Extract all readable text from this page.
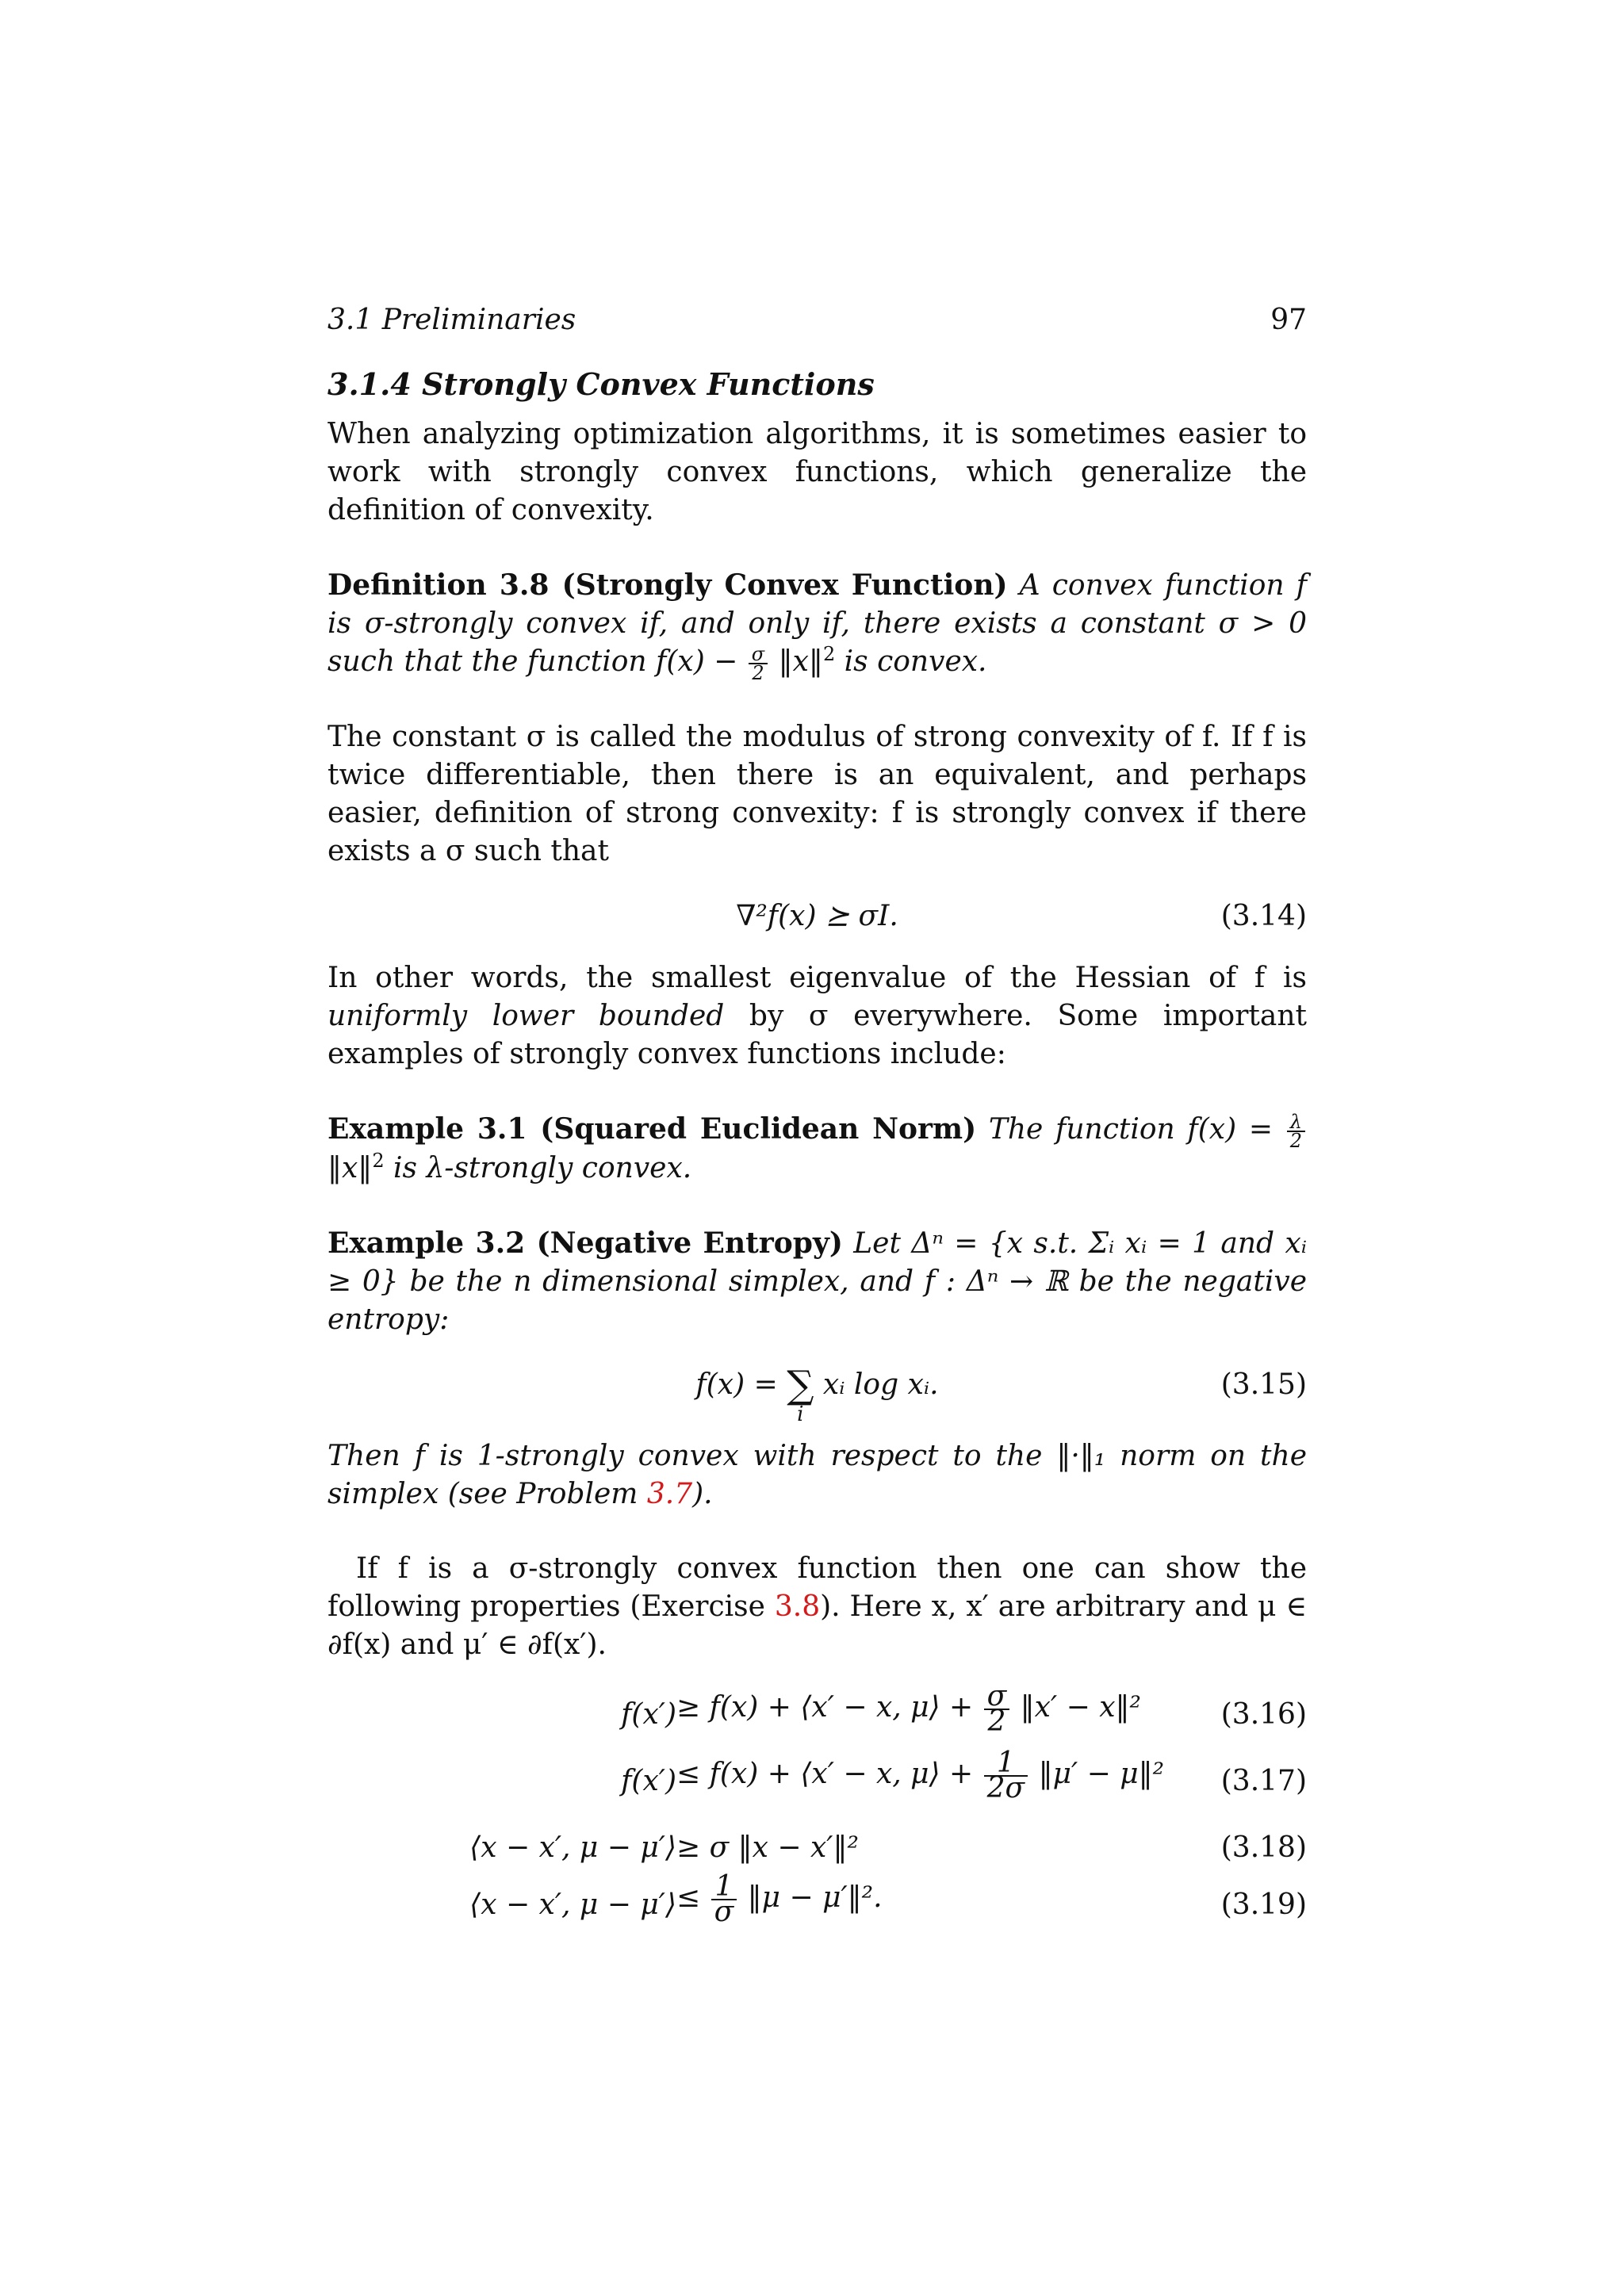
3.1 Preliminaries	97
3.1.4 Strongly Convex Functions

When analyzing optimization algorithms, it is sometimes easier to work with strongly convex functions, which generalize the definition of convexity.

Definition 3.8 (Strongly Convex Function) A convex function f is σ-strongly convex if, and only if, there exists a constant σ > 0 such that the function $f(x) - \frac{\sigma}{2}$ ‖x‖$^2$ is convex.

The constant σ is called the modulus of strong convexity of f. If f is twice differentiable, then there is an equivalent, and perhaps easier, definition of strong convexity: f is strongly convex if there exists a σ such that

∇²f(x) ⪰ σI.	(3.14)

In other words, the smallest eigenvalue of the Hessian of f is uniformly lower bounded by σ everywhere. Some important examples of strongly convex functions include:

Example 3.1 (Squared Euclidean Norm) The function $f(x) = \frac{\lambda}{2}$
‖x‖$^2$ is λ-strongly convex.

Example 3.2 (Negative Entropy) Let Δⁿ = {x s.t. Σᵢ xᵢ = 1 and xᵢ ≥ 0} be the n dimensional simplex, and f : Δⁿ → ℝ be the negative entropy:

f(x) = ∑
i
xᵢ log xᵢ.	(3.15)

Then f is 1-strongly convex with respect to the ‖·‖₁ norm on the simplex (see Problem 3.7).

If f is a σ-strongly convex function then one can show the following properties (Exercise 3.8). Here x, x′ are arbitrary and μ ∈ ∂f(x) and μ′ ∈ ∂f(x′).

f(x′) ≥ f(x) + ⟨x′ − x, μ⟩ + $\frac{\sigma}{2}$ ‖x′ − x‖²	(3.16)
f(x′) ≤ f(x) + ⟨x′ − x, μ⟩ + $\frac{1}{2\sigma}$ ‖μ′ − μ‖² (3.17)
⟨x − x′, μ − μ′⟩ ≥ σ ‖x − x′‖²	(3.18)
⟨x − x′, μ − μ′⟩ ≤ $\frac{1}{\sigma}$ ‖μ − μ′‖².	(3.19)
